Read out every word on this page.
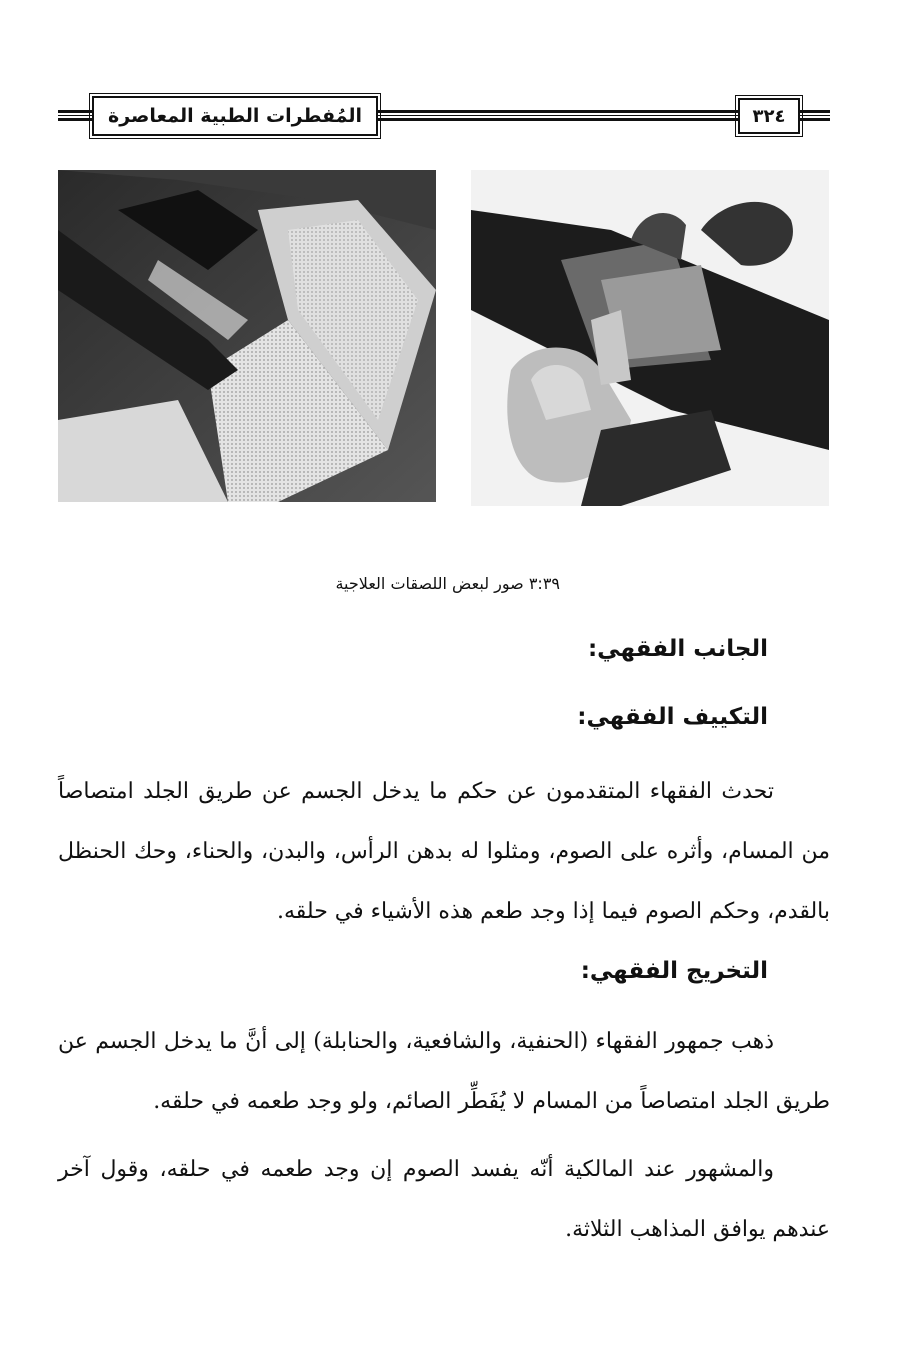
المُفطرات الطبية المعاصرة	٣٢٤
٣:٣٩ صور لبعض اللصقات العلاجية
الجانب الفقهي:
التكييف الفقهي:
تحدث الفقهاء المتقدمون عن حكم ما يدخل الجسم عن طريق الجلد امتصاصاً من المسام، وأثره على الصوم، ومثلوا له بدهن الرأس، والبدن، والحناء، وحك الحنظل بالقدم، وحكم الصوم فيما إذا وجد طعم هذه الأشياء في حلقه.
التخريج الفقهي:
ذهب جمهور الفقهاء (الحنفية، والشافعية، والحنابلة) إلى أنَّ ما يدخل الجسم عن طريق الجلد امتصاصاً من المسام لا يُفَطِّر الصائم، ولو وجد طعمه في حلقه.
والمشهور عند المالكية أنّه يفسد الصوم إن وجد طعمه في حلقه، وقول آخر عندهم يوافق المذاهب الثلاثة.
